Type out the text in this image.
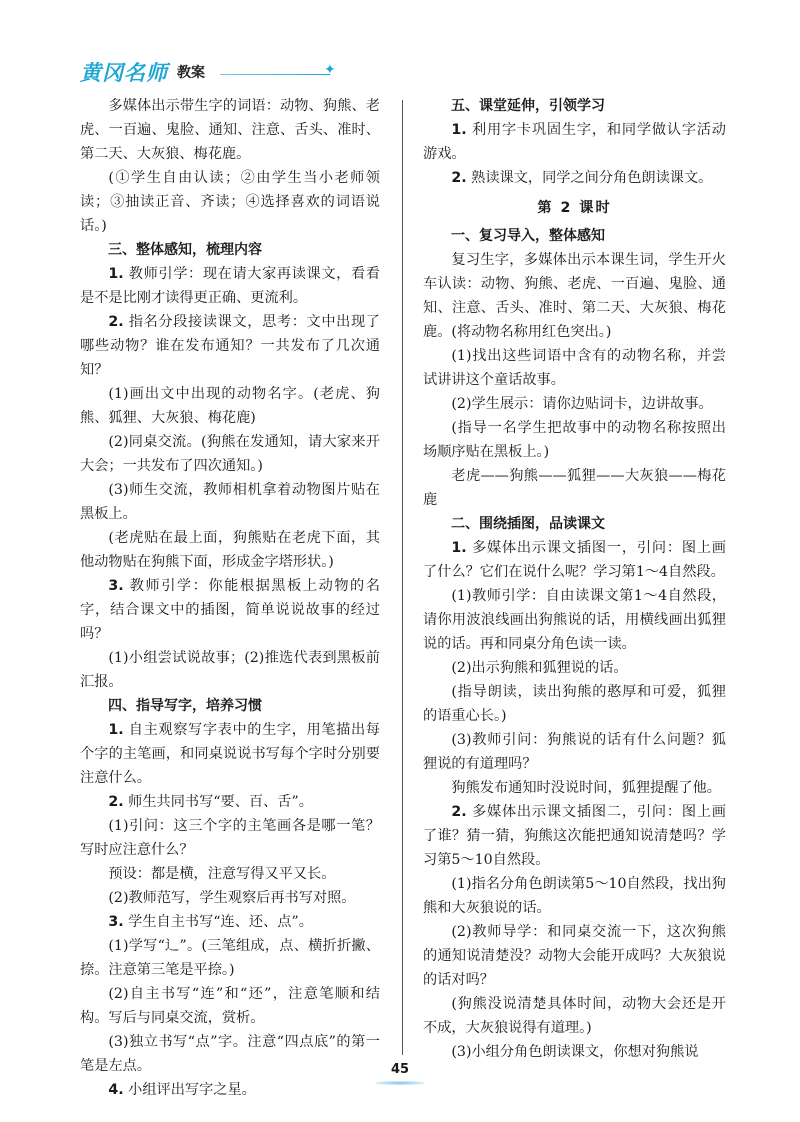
黄冈名师 教案	✦

多媒体出示带生字的词语：动物、狗熊、老虎、一百遍、鬼脸、通知、注意、舌头、准时、第二天、大灰狼、梅花鹿。

(①学生自由认读；②由学生当小老师领读；③抽读正音、齐读；④选择喜欢的词语说话。)

三、整体感知，梳理内容

1. 教师引学：现在请大家再读课文，看看是不是比刚才读得更正确、更流利。

2. 指名分段接读课文，思考：文中出现了哪些动物？谁在发布通知？一共发布了几次通知？

(1)画出文中出现的动物名字。(老虎、狗熊、狐狸、大灰狼、梅花鹿)

(2)同桌交流。(狗熊在发通知，请大家来开大会；一共发布了四次通知。)

(3)师生交流，教师相机拿着动物图片贴在黑板上。

(老虎贴在最上面，狗熊贴在老虎下面，其他动物贴在狗熊下面，形成金字塔形状。)

3. 教师引学：你能根据黑板上动物的名字，结合课文中的插图，简单说说故事的经过吗？

(1)小组尝试说故事；(2)推选代表到黑板前汇报。

四、指导写字，培养习惯

1. 自主观察写字表中的生字，用笔描出每个字的主笔画，和同桌说说书写每个字时分别要注意什么。

2. 师生共同书写“要、百、舌”。

(1)引问：这三个字的主笔画各是哪一笔？写时应注意什么？

预设：都是横，注意写得又平又长。

(2)教师范写，学生观察后再书写对照。

3. 学生自主书写“连、还、点”。

(1)学写“辶”。(三笔组成，点、横折折撇、捺。注意第三笔是平捺。)

(2)自主书写“连”和“还”，注意笔顺和结构。写后与同桌交流，赏析。

(3)独立书写“点”字。注意“四点底”的第一笔是左点。

4. 小组评出写字之星。

五、课堂延伸，引领学习

1. 利用字卡巩固生字，和同学做认字活动游戏。

2. 熟读课文，同学之间分角色朗读课文。

第 2 课时

一、复习导入，整体感知

复习生字，多媒体出示本课生词，学生开火车认读：动物、狗熊、老虎、一百遍、鬼脸、通知、注意、舌头、准时、第二天、大灰狼、梅花鹿。(将动物名称用红色突出。)

(1)找出这些词语中含有的动物名称，并尝试讲讲这个童话故事。

(2)学生展示：请你边贴词卡，边讲故事。

(指导一名学生把故事中的动物名称按照出场顺序贴在黑板上。)

老虎——狗熊——狐狸——大灰狼——梅花鹿

二、围绕插图，品读课文

1. 多媒体出示课文插图一，引问：图上画了什么？它们在说什么呢？学习第1～4自然段。

(1)教师引学：自由读课文第1～4自然段，请你用波浪线画出狗熊说的话，用横线画出狐狸说的话。再和同桌分角色读一读。

(2)出示狗熊和狐狸说的话。

(指导朗读，读出狗熊的憨厚和可爱，狐狸的语重心长。)

(3)教师引问：狗熊说的话有什么问题？狐狸说的有道理吗？

狗熊发布通知时没说时间，狐狸提醒了他。

2. 多媒体出示课文插图二，引问：图上画了谁？猜一猜，狗熊这次能把通知说清楚吗？学习第5～10自然段。

(1)指名分角色朗读第5～10自然段，找出狗熊和大灰狼说的话。

(2)教师导学：和同桌交流一下，这次狗熊的通知说清楚没？动物大会能开成吗？大灰狼说的话对吗？

(狗熊没说清楚具体时间，动物大会还是开不成，大灰狼说得有道理。)

(3)小组分角色朗读课文，你想对狗熊说

45
